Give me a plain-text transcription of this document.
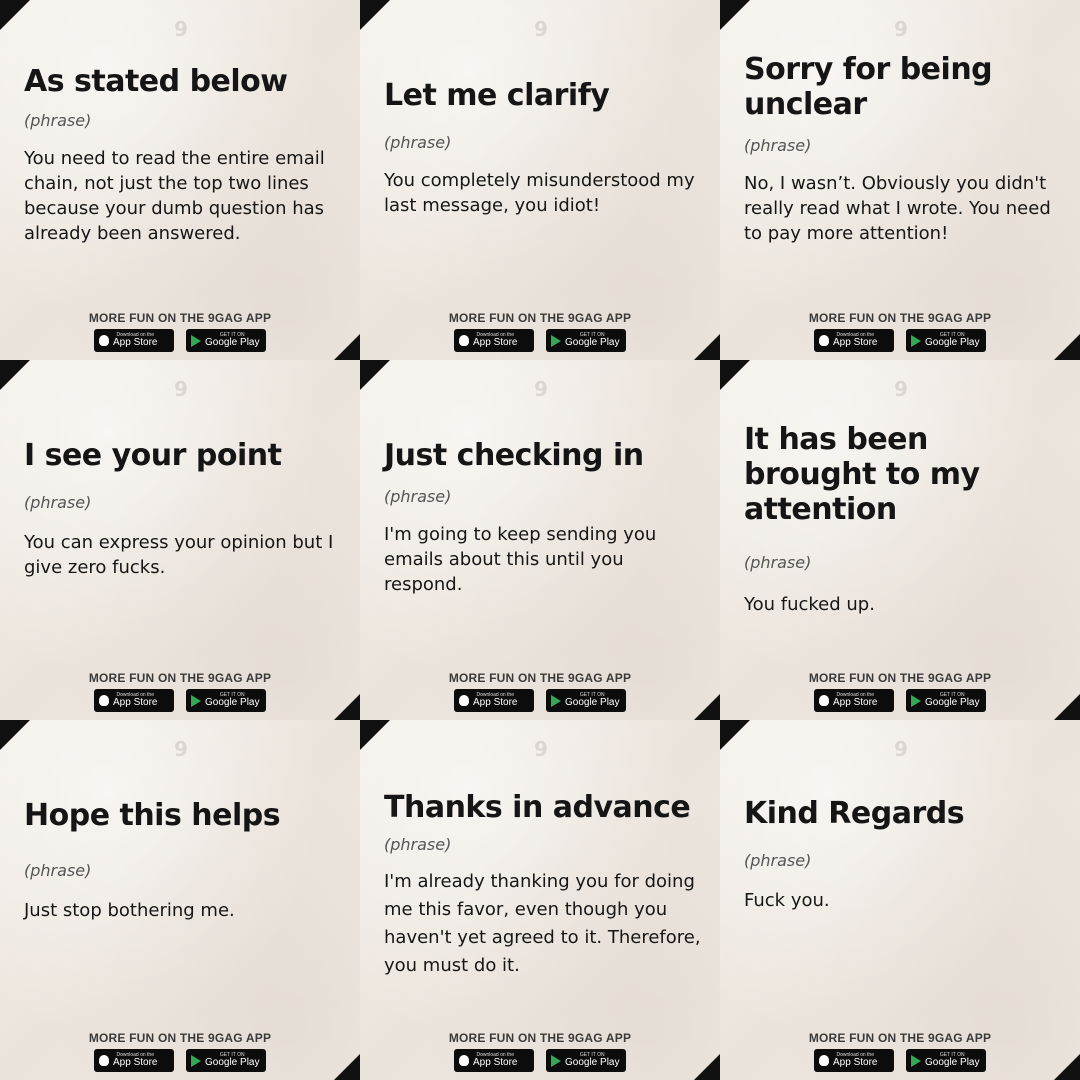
9
As stated below

(phrase)

You need to read the entire email chain, not just the top two lines because your dumb question has already been answered.

MORE FUN ON THE 9GAG APP

Download on the
App Store
GET IT ON
Google Play
9
Let me clarify

(phrase)

You completely misunderstood my last message, you idiot!

MORE FUN ON THE 9GAG APP

Download on the
App Store
GET IT ON
Google Play
9
Sorry for being unclear

(phrase)

No, I wasn’t. Obviously you didn't really read what I wrote. You need to pay more attention!

MORE FUN ON THE 9GAG APP

Download on the
App Store
GET IT ON
Google Play
9
I see your point

(phrase)

You can express your opinion but I give zero fucks.

MORE FUN ON THE 9GAG APP

Download on the
App Store
GET IT ON
Google Play
9
Just checking in

(phrase)

I'm going to keep sending you emails about this until you respond.

MORE FUN ON THE 9GAG APP

Download on the
App Store
GET IT ON
Google Play
9
It has been brought to my attention

(phrase)

You fucked up.

MORE FUN ON THE 9GAG APP

Download on the
App Store
GET IT ON
Google Play
9
Hope this helps

(phrase)

Just stop bothering me.

MORE FUN ON THE 9GAG APP

Download on the
App Store
GET IT ON
Google Play
9
Thanks in advance

(phrase)

I'm already thanking you for doing me this favor, even though you haven't yet agreed to it. Therefore, you must do it.

MORE FUN ON THE 9GAG APP

Download on the
App Store
GET IT ON
Google Play
9
Kind Regards

(phrase)

Fuck you.

MORE FUN ON THE 9GAG APP

Download on the
App Store
GET IT ON
Google Play
